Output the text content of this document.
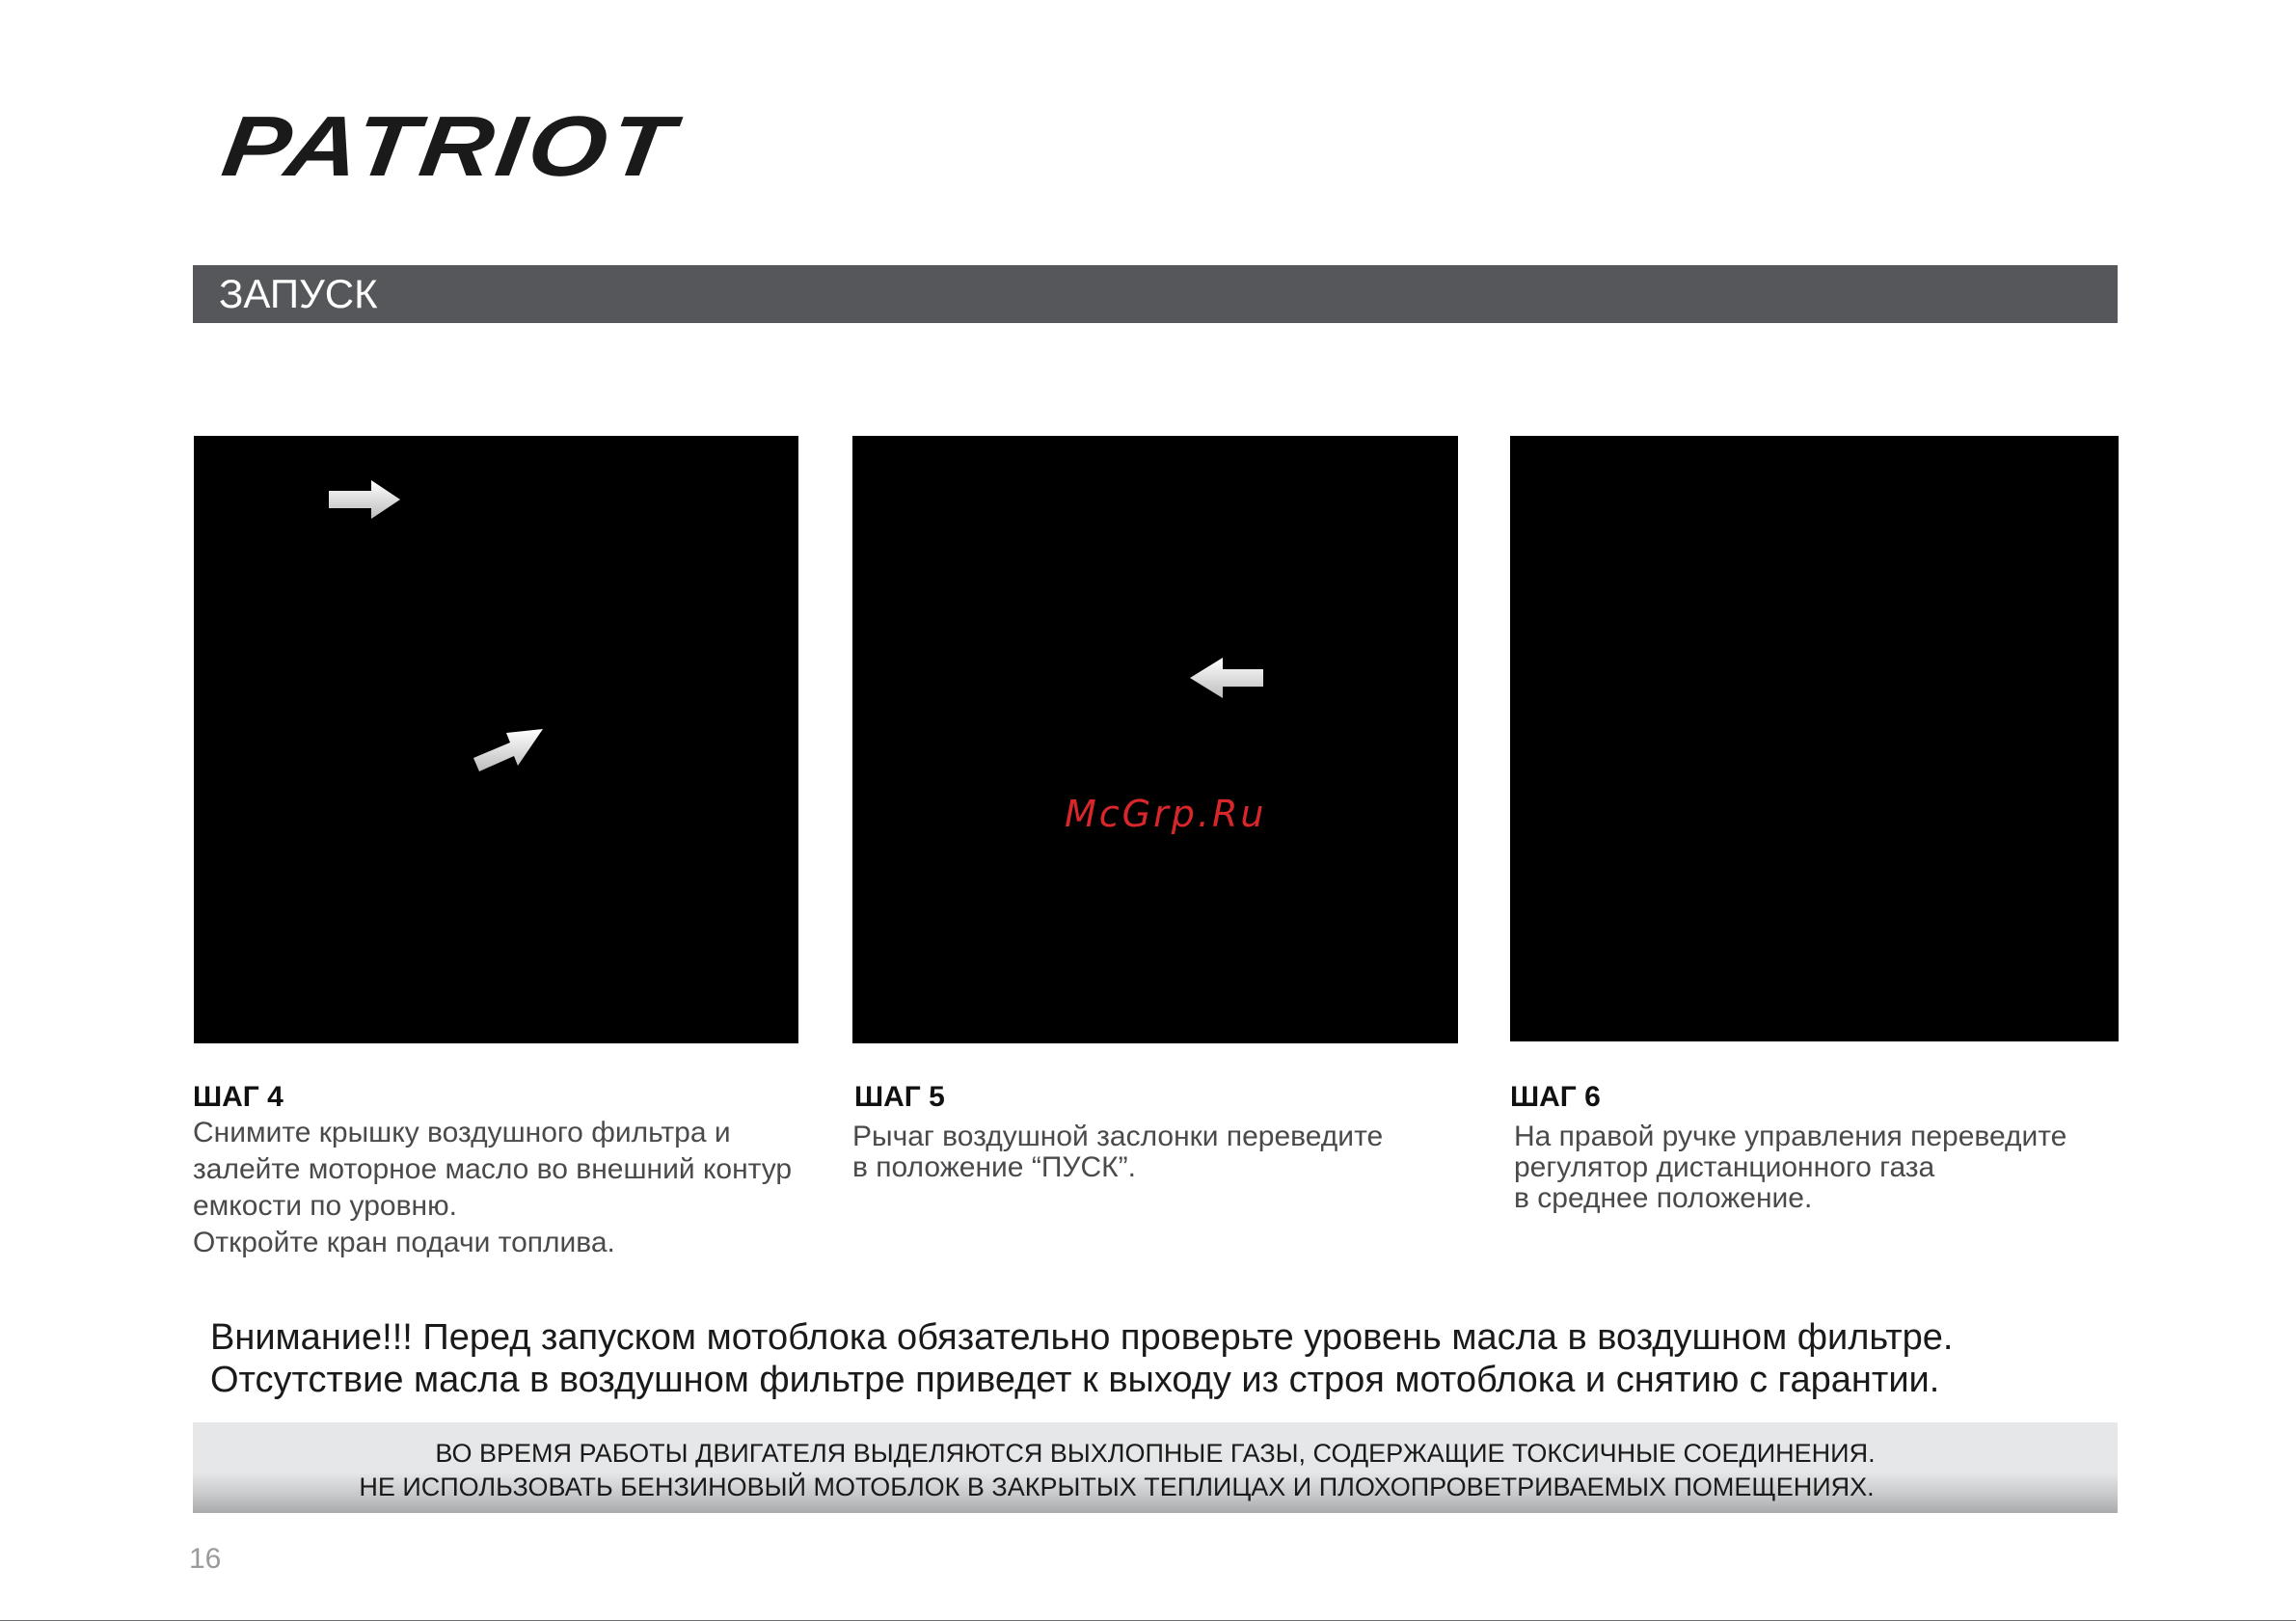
PATRIOT
ЗАПУСК
McGrp.Ru
ШАГ 4
Снимите крышку воздушного фильтра и
залейте моторное масло во внешний контур
емкости по уровню.
Откройте кран подачи топлива.
ШАГ 5
Рычаг воздушной заслонки переведите
в положение “ПУСК”.
ШАГ 6
На правой ручке управления переведите
регулятор дистанционного газа
в среднее положение.
Внимание!!! Перед запуском мотоблока обязательно проверьте уровень масла в воздушном фильтре.
Отсутствие масла в воздушном фильтре приведет к выходу из строя мотоблока и снятию с гарантии.
ВО ВРЕМЯ РАБОТЫ ДВИГАТЕЛЯ ВЫДЕЛЯЮТСЯ ВЫХЛОПНЫЕ ГАЗЫ, СОДЕРЖАЩИЕ ТОКСИЧНЫЕ СОЕДИНЕНИЯ.
НЕ ИСПОЛЬЗОВАТЬ БЕНЗИНОВЫЙ МОТОБЛОК В ЗАКРЫТЫХ ТЕПЛИЦАХ И ПЛОХОПРОВЕТРИВАЕМЫХ ПОМЕЩЕНИЯХ.
16
